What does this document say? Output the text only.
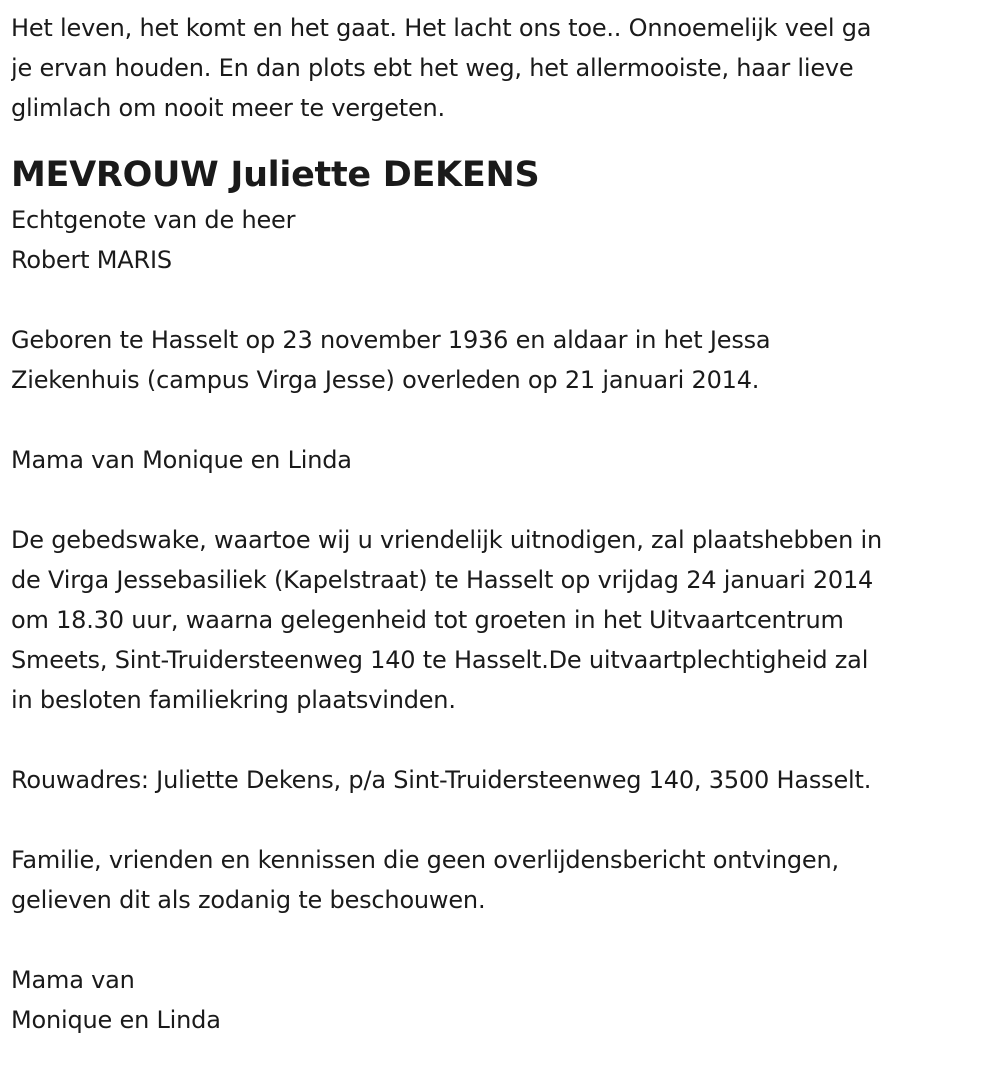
Het leven, het komt en het gaat. Het lacht ons toe.. Onnoemelijk veel ga
je ervan houden. En dan plots ebt het weg, het allermooiste, haar lieve
glimlach om nooit meer te vergeten.
MEVROUW Juliette DEKENS
Echtgenote van de heer
Robert MARIS
Geboren te Hasselt op 23 november 1936 en aldaar in het Jessa
Ziekenhuis (campus Virga Jesse) overleden op 21 januari 2014.
Mama van Monique en Linda
De gebedswake, waartoe wij u vriendelijk uitnodigen, zal plaatshebben in
de Virga Jessebasiliek (Kapelstraat) te Hasselt op vrijdag 24 januari 2014
om 18.30 uur, waarna gelegenheid tot groeten in het Uitvaartcentrum
Smeets, Sint-Truidersteenweg 140 te Hasselt.De uitvaartplechtigheid zal
in besloten familiekring plaatsvinden.
Rouwadres: Juliette Dekens, p/a Sint-Truidersteenweg 140, 3500 Hasselt.
Familie, vrienden en kennissen die geen overlijdensbericht ontvingen,
gelieven dit als zodanig te beschouwen.
Mama van
Monique en Linda
